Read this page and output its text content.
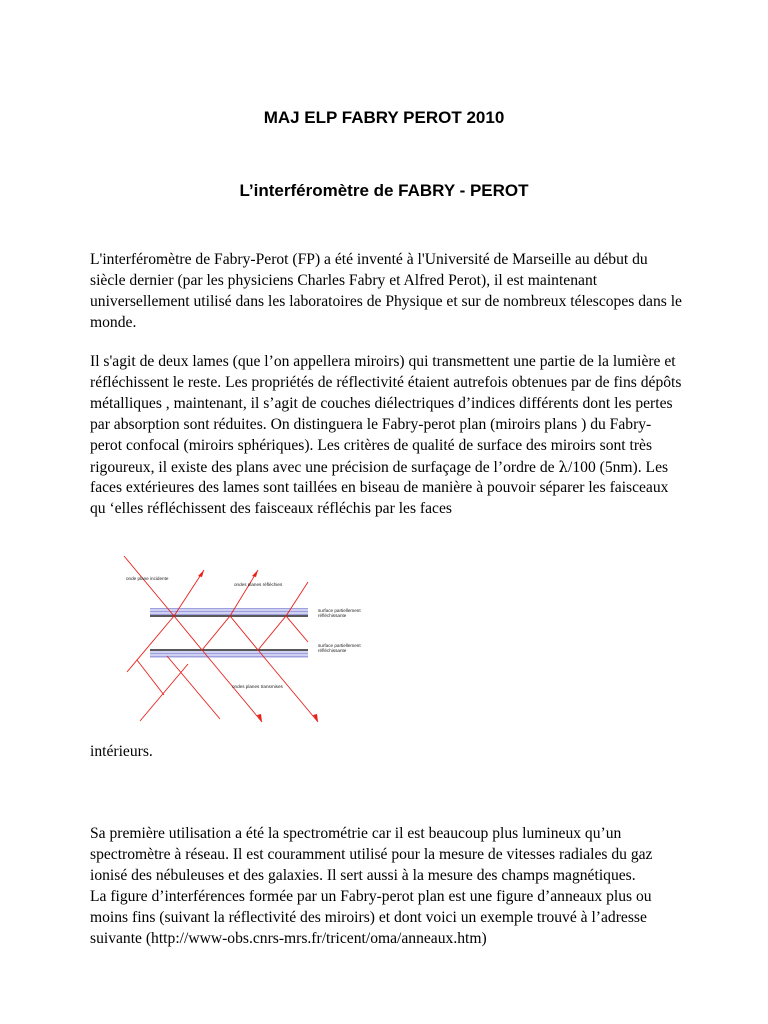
MAJ ELP FABRY PEROT 2010
L’interféromètre de FABRY - PEROT

L'interféromètre de Fabry-Perot (FP) a été inventé à l'Université de Marseille au début du siècle dernier (par les physiciens Charles Fabry et Alfred Perot), il est maintenant universellement utilisé dans les laboratoires de Physique et sur de nombreux télescopes dans le monde.

Il s'agit de deux lames (que l’on appellera miroirs) qui transmettent une partie de la lumière et réfléchissent le reste. Les propriétés de réflectivité étaient autrefois obtenues par de fins dépôts métalliques , maintenant, il s’agit de couches diélectriques d’indices différents dont les pertes par absorption sont réduites. On distinguera le Fabry-perot plan (miroirs plans ) du Fabry-perot confocal (miroirs sphériques). Les critères de qualité de surface des miroirs sont très rigoureux, il existe des plans avec une précision de surfaçage de l’ordre de λ/100 (5nm). Les faces extérieures des lames sont taillées en biseau de manière à pouvoir séparer les faisceaux qu ‘elles réfléchissent des faisceaux réfléchis par les faces

onde plane incidente
ondes planes réfléchies
surface partiellement
réfléchissante
surface partiellement
réfléchissante
ondes planes transmises

intérieurs.

Sa première utilisation a été la spectrométrie car il est beaucoup plus lumineux qu’un spectromètre à réseau. Il est couramment utilisé pour la mesure de vitesses radiales du gaz ionisé des nébuleuses et des galaxies. Il sert aussi à la mesure des champs magnétiques.
La figure d’interférences formée par un Fabry-perot plan est une figure d’anneaux plus ou moins fins (suivant la réflectivité des miroirs) et dont voici un exemple trouvé à l’adresse suivante (http://www-obs.cnrs-mrs.fr/tricent/oma/anneaux.htm)
